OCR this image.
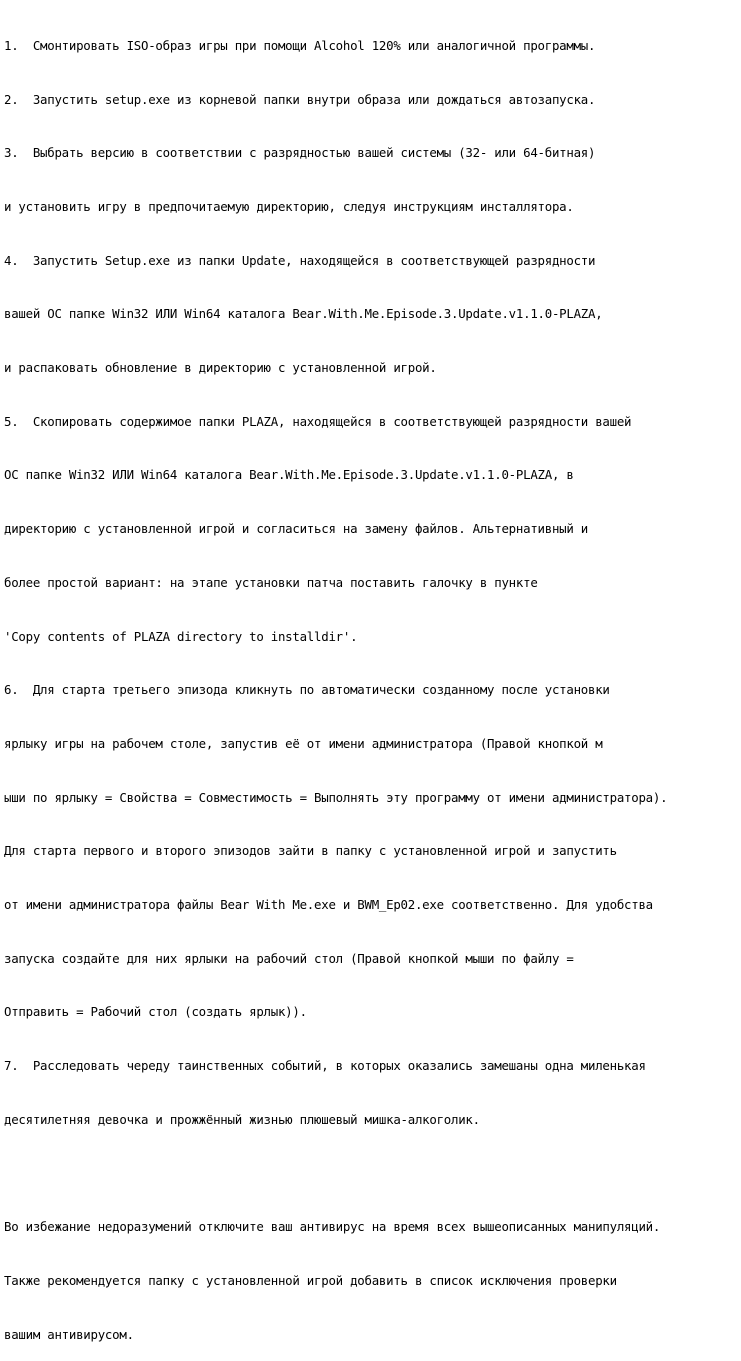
1.  Смонтировать ISO-образ игры при помощи Alcohol 120% или аналогичной программы.

2.  Запустить setup.exe из корневой папки внутри образа или дождаться автозапуска.

3.  Выбрать версию в соответствии с разрядностью вашей системы (32- или 64-битная)

и установить игру в предпочитаемую директорию, следуя инструкциям инсталлятора.

4.  Запустить Setup.exe из папки Update, находящейся в соответствующей разрядности

вашей ОС папке Win32 ИЛИ Win64 каталога Bear.With.Me.Episode.3.Update.v1.1.0-PLAZA,

и распаковать обновление в директорию с установленной игрой.

5.  Скопировать содержимое папки PLAZA, находящейся в соответствующей разрядности вашей

ОС папке Win32 ИЛИ Win64 каталога Bear.With.Me.Episode.3.Update.v1.1.0-PLAZA, в

директорию с установленной игрой и согласиться на замену файлов. Альтернативный и

более простой вариант: на этапе установки патча поставить галочку в пункте

'Copy contents of PLAZA directory to installdir'.

6.  Для старта третьего эпизода кликнуть по автоматически созданному после установки

ярлыку игры на рабочем столе, запустив её от имени администратора (Правой кнопкой м

ыши по ярлыку = Свойства = Совместимость = Выполнять эту программу от имени администратора).

Для старта первого и второго эпизодов зайти в папку с установленной игрой и запустить

от имени администратора файлы Bear With Me.exe и BWM_Ep02.exe соответственно. Для удобства

запуска создайте для них ярлыки на рабочий стол (Правой кнопкой мыши по файлу =

Отправить = Рабочий стол (создать ярлык)).

7.  Расследовать череду таинственных событий, в которых оказались замешаны одна миленькая

десятилетняя девочка и прожжённый жизнью плюшевый мишка-алкоголик.

Во избежание недоразумений отключите ваш антивирус на время всех вышеописанных манипуляций.

Также рекомендуется папку с установленной игрой добавить в список исключения проверки

вашим антивирусом.
